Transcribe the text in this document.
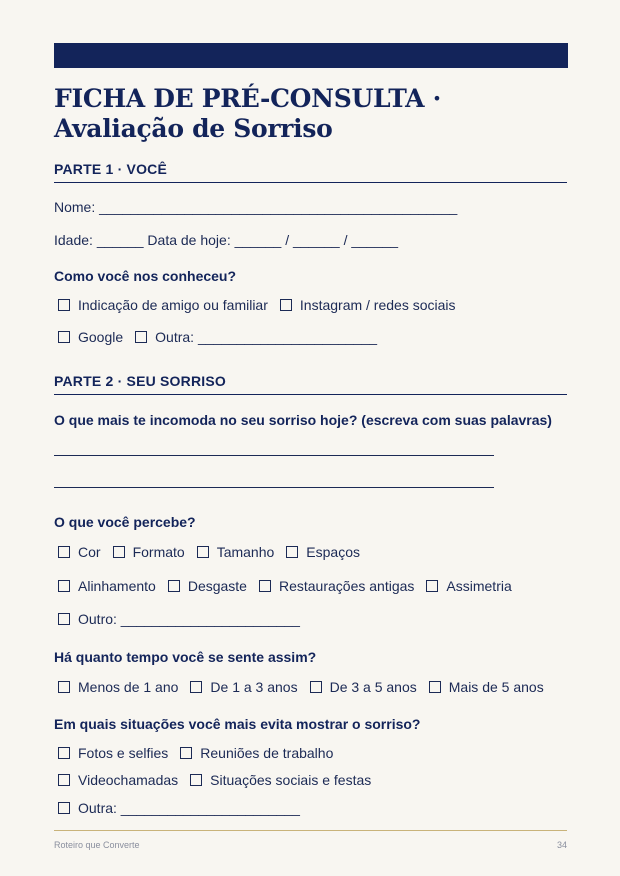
FICHA DE PRÉ-CONSULTA · Avaliação de Sorriso
PARTE 1 · VOCÊ
Nome: ______________________________________________
Idade: ______ Data de hoje: ______ / ______ / ______
Como você nos conheceu?
Indicação de amigo ou familiar Instagram / redes sociais
Google Outra: _______________________
PARTE 2 · SEU SORRISO
O que mais te incomoda no seu sorriso hoje? (escreva com suas palavras)
O que você percebe?
Cor Formato Tamanho Espaços
Alinhamento Desgaste Restaurações antigas Assimetria
Outro: _______________________
Há quanto tempo você se sente assim?
Menos de 1 ano De 1 a 3 anos De 3 a 5 anos Mais de 5 anos
Em quais situações você mais evita mostrar o sorriso?
Fotos e selfies Reuniões de trabalho
Videochamadas Situações sociais e festas
Outra: _______________________
Roteiro que Converte	34
